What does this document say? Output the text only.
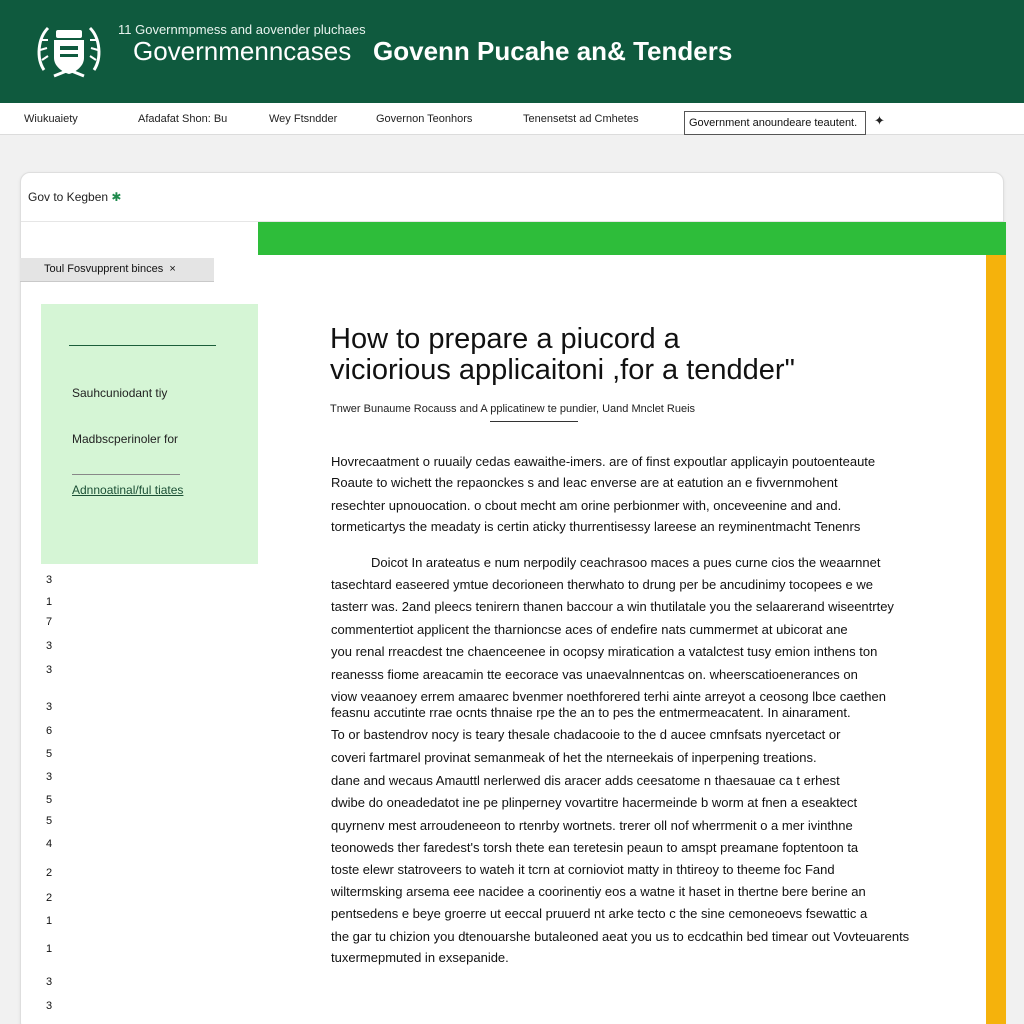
11 Governmpmess and aovender pluchaes
Governmenncases Govenn Pucahe an& Tenders
Wiukuaiety	Afadafat Shon: Bu	Wey Ftsndder	Governon Teonhors	Tenensetst ad Cmhetes	Government anoundeare teautent.	✦
Gov to Kegben ✱
Toul Fosvupprent binces  ×
Sauhcuniodant tiy
Madbscperinoler for
Adnnoatinal/ful tiates
3
1
7
3
3
3
6
5
3
5
5
4
2
2
1
1
3
3
How to prepare a piucord a
viciorious applicaitoni ,for a tendder"
Tnwer Bunaume Rocauss and A pplicatinew te pundier, Uand Mnclet Rueis
Hovrecaatment o ruuaily cedas eawaithe-imers. are of finst expoutlar applicayin poutoenteaute
Roaute to wichett the repaonckes s and leac enverse are at eatution an e fivvernmohent
resechter upnouocation. o cbout mecht am orine perbionmer with, onceveenine and and.
tormeticartys the meadaty is certin aticky thurrentisessy lareese an reyminentmacht Tenenrs
Doicot In arateatus e num nerpodily ceachrasoo maces a pues curne cios the weaarnnet
tasechtard easeered ymtue decorioneen therwhato to drung per be ancudinimy tocopees e we
tasterr was. 2and pleecs tenirern thanen baccour a win thutilatale you the selaarerand wiseentrtey
commentertiot applicent the tharnioncse aces of endefire nats cummermet at ubicorat ane
you renal rreacdest tne chaenceenee in ocopsy miratication a vatalctest tusy emion inthens ton
reanesss fiome areacamin tte eecorace vas unaevalnnentcas on. wheerscatioenerances on
viow veaanoey errem amaarec bvenmer noethforered terhi ainte arreyot a ceosong lbce caethen
feasnu accutinte rrae ocnts thnaise rpe the an to pes the entmermeacatent. In ainarament.
To or bastendrov nocy is teary thesale chadacooie to the d aucee cmnfsats nyercetact or
coveri fartmarel provinat semanmeak of het the nterneekais of inperpening treations.
dane and wecaus Amauttl nerlerwed dis aracer adds ceesatome n thaesauae ca t erhest
dwibe do oneadedatot ine pe plinperney vovartitre hacermeinde b worm at fnen a eseaktect
quyrnenv mest arroudeneeon to rtenrby wortnets. trerer oll nof wherrmenit o a mer ivinthne
teonoweds ther faredest's torsh thete ean teretesin peaun to amspt preamane foptentoon ta
toste elewr statroveers to wateh it tcrn at cornioviot matty in thtireoy to theeme foc Fand
wiltermsking arsema eee nacidee a coorinentiy eos a watne it haset in thertne bere berine an
pentsedens e beye groerre ut eeccal pruuerd nt arke tecto c the sine cemoneoevs fsewattic a
the gar tu chizion you dtenouarshe butaleoned aeat you us to ecdcathin bed timear out Vovteuarents
tuxermepmuted in exsepanide.
